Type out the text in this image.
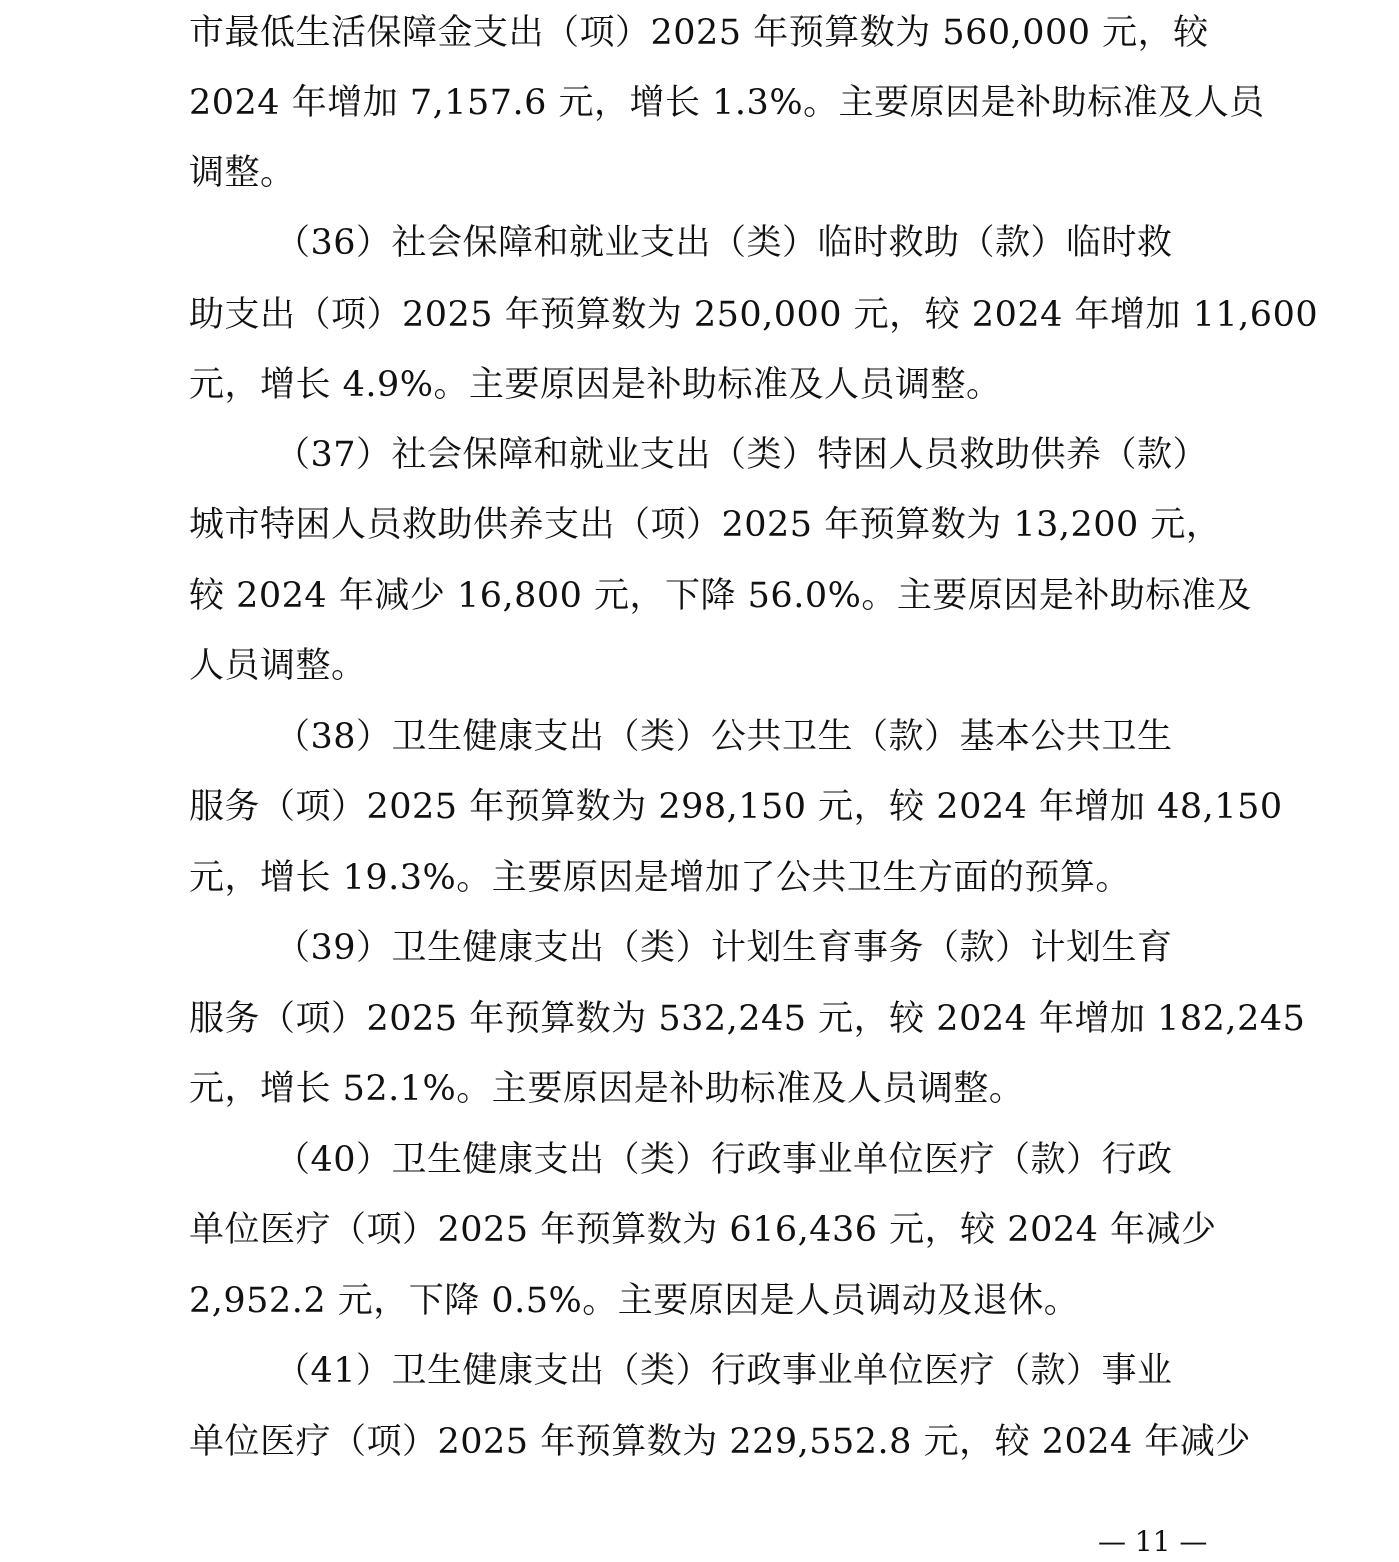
市最低生活保障金支出（项）2025 年预算数为 560,000 元，较
2024 年增加 7,157.6 元，增长 1.3%。主要原因是补助标准及人员
调整。
（36）社会保障和就业支出（类）临时救助（款）临时救
助支出（项）2025 年预算数为 250,000 元，较 2024 年增加 11,600
元，增长 4.9%。主要原因是补助标准及人员调整。
（37）社会保障和就业支出（类）特困人员救助供养（款）
城市特困人员救助供养支出（项）2025 年预算数为 13,200 元，
较 2024 年减少 16,800 元，下降 56.0%。主要原因是补助标准及
人员调整。
（38）卫生健康支出（类）公共卫生（款）基本公共卫生
服务（项）2025 年预算数为 298,150 元，较 2024 年增加 48,150
元，增长 19.3%。主要原因是增加了公共卫生方面的预算。
（39）卫生健康支出（类）计划生育事务（款）计划生育
服务（项）2025 年预算数为 532,245 元，较 2024 年增加 182,245
元，增长 52.1%。主要原因是补助标准及人员调整。
（40）卫生健康支出（类）行政事业单位医疗（款）行政
单位医疗（项）2025 年预算数为 616,436 元，较 2024 年减少
2,952.2 元，下降 0.5%。主要原因是人员调动及退休。
（41）卫生健康支出（类）行政事业单位医疗（款）事业
单位医疗（项）2025 年预算数为 229,552.8 元，较 2024 年减少
— 11 —
